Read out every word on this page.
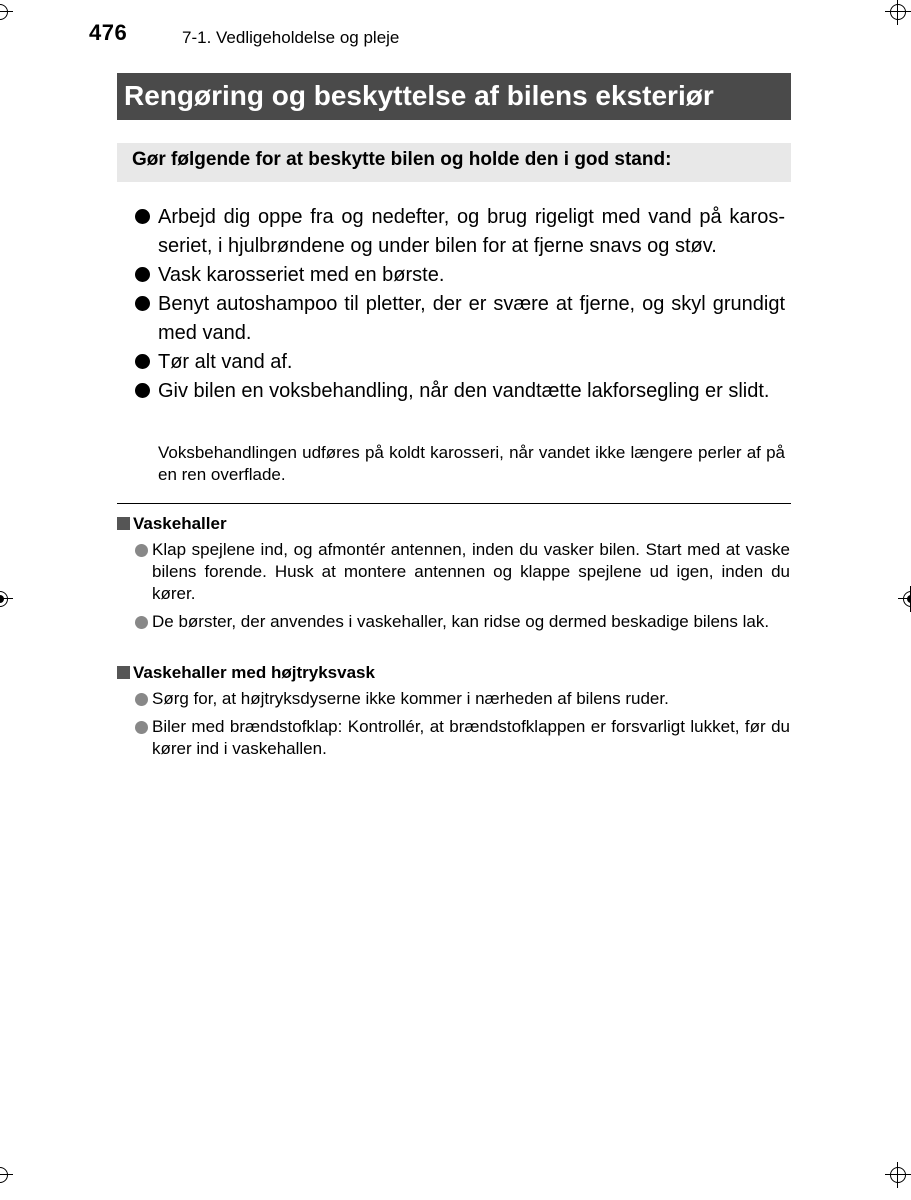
476	7-1. Vedligeholdelse og pleje
Rengøring og beskyttelse af bilens eksteriør
Gør følgende for at beskytte bilen og holde den i god stand:
Arbejd dig oppe fra og nedefter, og brug rigeligt med vand på karosseriet, i hjulbrøndene og under bilen for at fjerne snavs og støv.
Vask karosseriet med en børste.
Benyt autoshampoo til pletter, der er svære at fjerne, og skyl grundigt med vand.
Tør alt vand af.
Giv bilen en voksbehandling, når den vandtætte lakforsegling er slidt.
Voksbehandlingen udføres på koldt karosseri, når vandet ikke længere perler af på en ren overflade.
Vaskehaller
Klap spejlene ind, og afmontér antennen, inden du vasker bilen. Start med at vaske bilens forende. Husk at montere antennen og klappe spejlene ud igen, inden du kører.
De børster, der anvendes i vaskehaller, kan ridse og dermed beskadige bilens lak.
Vaskehaller med højtryksvask
Sørg for, at højtryksdyserne ikke kommer i nærheden af bilens ruder.
Biler med brændstofklap: Kontrollér, at brændstofklappen er forsvarligt lukket, før du kører ind i vaskehallen.
